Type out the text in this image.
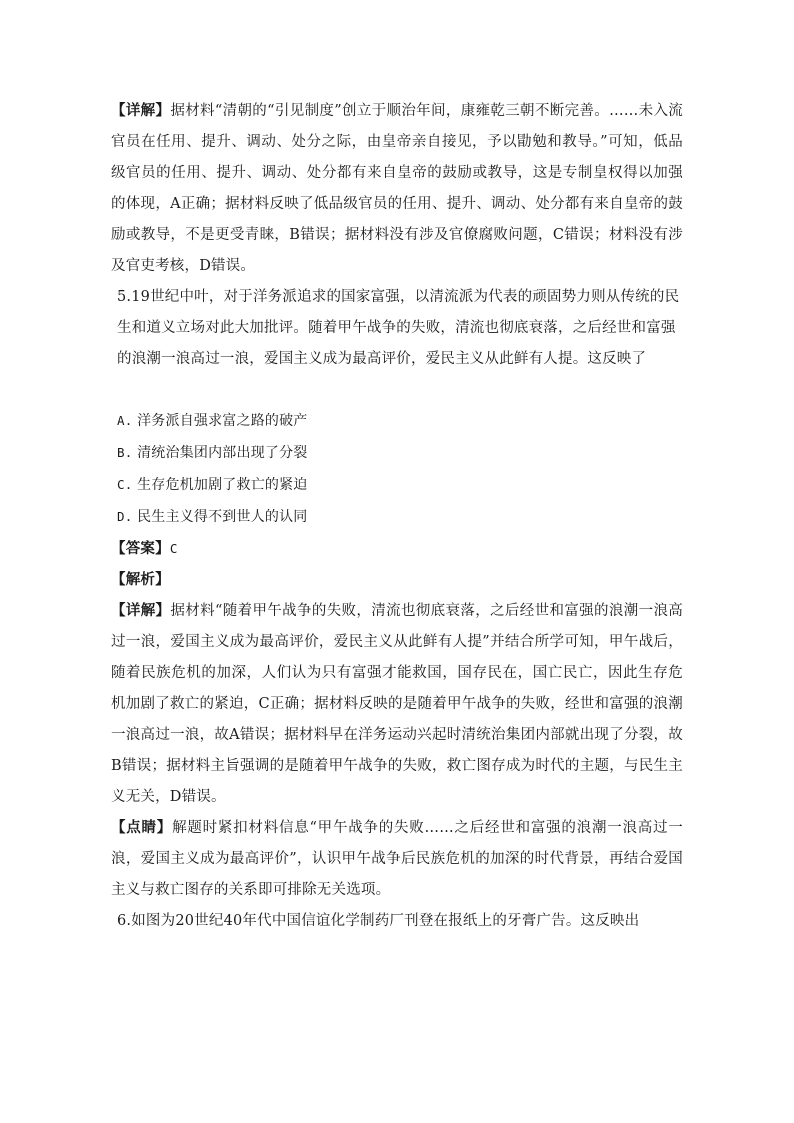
【详解】据材料“清朝的“引见制度”创立于顺治年间，康雍乾三朝不断完善。……未入流官员在任用、提升、调动、处分之际，由皇帝亲自接见，予以勖勉和教导。”可知，低品级官员的任用、提升、调动、处分都有来自皇帝的鼓励或教导，这是专制皇权得以加强的体现，A正确；据材料反映了低品级官员的任用、提升、调动、处分都有来自皇帝的鼓励或教导，不是更受青睐，B错误；据材料没有涉及官僚腐败问题，C错误；材料没有涉及官吏考核，D错误。

5.19世纪中叶，对于洋务派追求的国家富强，以清流派为代表的顽固势力则从传统的民生和道义立场对此大加批评。随着甲午战争的失败，清流也彻底衰落，之后经世和富强的浪潮一浪高过一浪，爱国主义成为最高评价，爱民主义从此鲜有人提。这反映了

A. 洋务派自强求富之路的破产

B. 清统治集团内部出现了分裂

C. 生存危机加剧了救亡的紧迫

D. 民生主义得不到世人的认同

【答案】C

【解析】

【详解】据材料“随着甲午战争的失败，清流也彻底衰落，之后经世和富强的浪潮一浪高过一浪，爱国主义成为最高评价，爱民主义从此鲜有人提”并结合所学可知，甲午战后，随着民族危机的加深，人们认为只有富强才能救国，国存民在，国亡民亡，因此生存危机加剧了救亡的紧迫，C正确；据材料反映的是随着甲午战争的失败，经世和富强的浪潮一浪高过一浪，故A错误；据材料早在洋务运动兴起时清统治集团内部就出现了分裂，故B错误；据材料主旨强调的是随着甲午战争的失败，救亡图存成为时代的主题，与民生主义无关，D错误。

【点睛】解题时紧扣材料信息“甲午战争的失败……之后经世和富强的浪潮一浪高过一浪，爱国主义成为最高评价”，认识甲午战争后民族危机的加深的时代背景，再结合爱国主义与救亡图存的关系即可排除无关选项。

6.如图为20世纪40年代中国信谊化学制药厂刊登在报纸上的牙膏广告。这反映出
